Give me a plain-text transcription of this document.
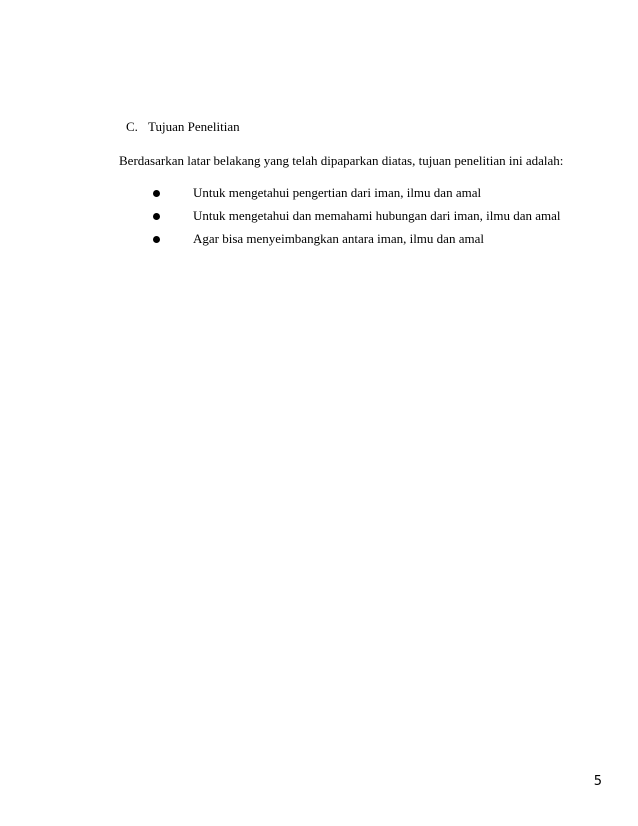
C. Tujuan Penelitian
Berdasarkan latar belakang yang telah dipaparkan diatas, tujuan penelitian ini adalah:
Untuk mengetahui pengertian dari iman, ilmu dan amal
Untuk mengetahui dan memahami hubungan dari iman, ilmu dan amal
Agar bisa menyeimbangkan antara iman, ilmu dan amal
5
